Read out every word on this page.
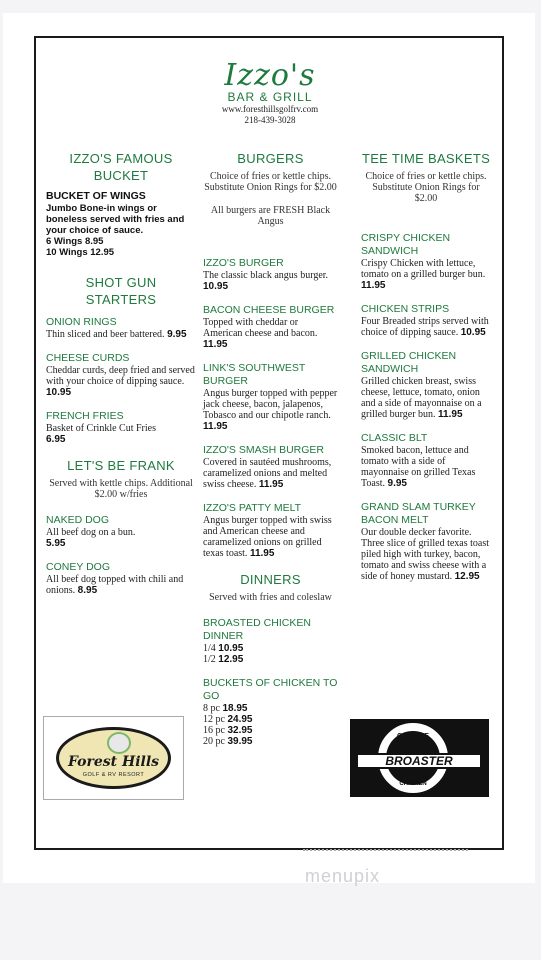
Izzo's
BAR & GRILL
www.foresthillsgolfrv.com
218-439-3028
IZZO'S FAMOUS BUCKET
BUCKET OF WINGS
Jumbo Bone-in wings or boneless served with fries and your choice of sauce.
6 Wings 8.95
10 Wings 12.95
SHOT GUN STARTERS
ONION RINGS
Thin sliced and beer battered. 9.95
CHEESE CURDS
Cheddar curds, deep fried and served with your choice of dipping sauce.
10.95
FRENCH FRIES
Basket of Crinkle Cut Fries
6.95
LET'S BE FRANK
Served with kettle chips. Additional $2.00 w/fries
NAKED DOG
All beef dog on a bun.
5.95
CONEY DOG
All beef dog topped with chili and onions. 8.95
BURGERS
Choice of fries or kettle chips. Substitute Onion Rings for $2.00
All burgers are FRESH Black Angus
IZZO'S BURGER
The classic black angus burger. 10.95
BACON CHEESE BURGER
Topped with cheddar or American cheese and bacon. 11.95
LINK'S SOUTHWEST BURGER
Angus burger topped with pepper jack cheese, bacon, jalapenos, Tobasco and our chipotle ranch. 11.95
IZZO'S SMASH BURGER
Covered in sautéed mushrooms, caramelized onions and melted swiss cheese. 11.95
IZZO'S PATTY MELT
Angus burger topped with swiss and American cheese and caramelized onions on grilled texas toast. 11.95
DINNERS
Served with fries and coleslaw
BROASTED CHICKEN DINNER
1/4 10.95
1/2 12.95
BUCKETS OF CHICKEN TO GO
8 pc 18.95
12 pc 24.95
16 pc 32.95
20 pc 39.95
TEE TIME BASKETS
Choice of fries or kettle chips. Substitute Onion Rings for $2.00
CRISPY CHICKEN SANDWICH
Crispy Chicken with lettuce, tomato on a grilled burger bun. 11.95
CHICKEN STRIPS
Four Breaded strips served with choice of dipping sauce. 10.95
GRILLED CHICKEN SANDWICH
Grilled chicken breast, swiss cheese, lettuce, tomato, onion and a side of mayonnaise on a grilled burger bun. 11.95
CLASSIC BLT
Smoked bacon, lettuce and tomato with a side of mayonnaise on grilled Texas Toast. 9.95
GRAND SLAM TURKEY BACON MELT
Our double decker favorite. Three slice of grilled texas toast piled high with turkey, bacon, tomato and swiss cheese with a side of honey mustard. 12.95
Forest Hills
GOLF & RV RESORT
CHICKEN
BROASTER
menupix
